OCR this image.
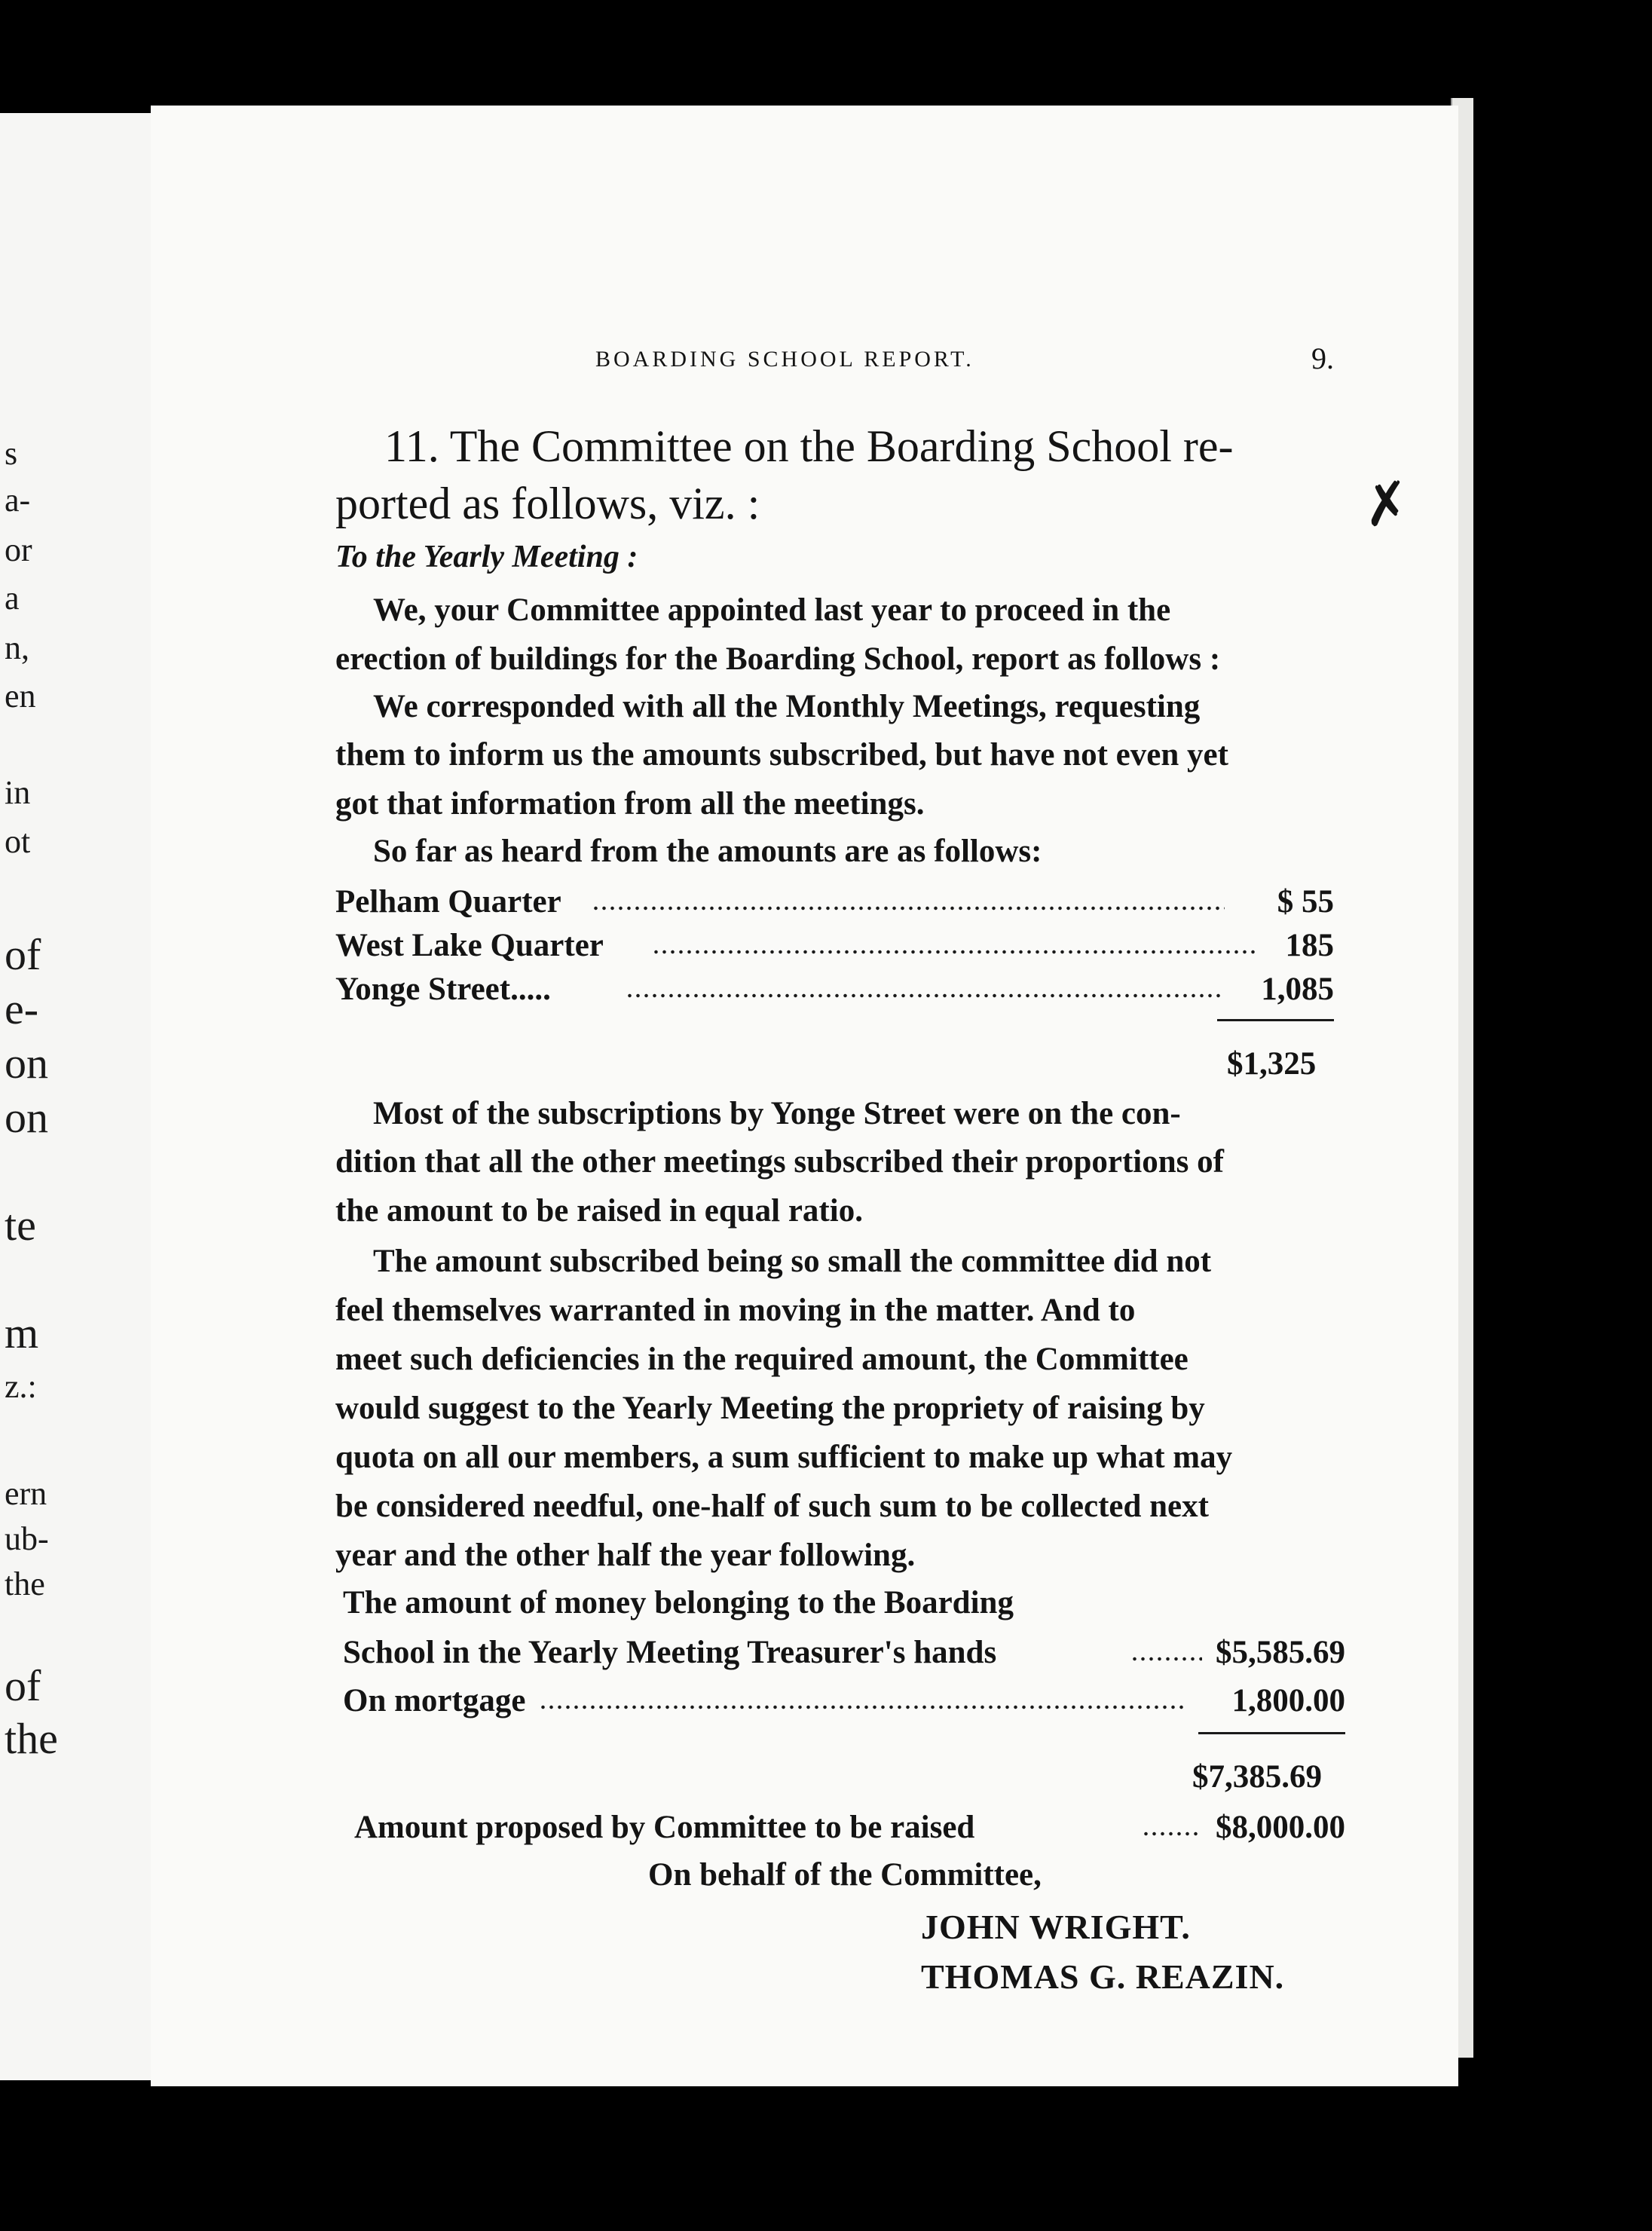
s
a-
or
a
n,
en
in
ot
of
e-
on
on
te
m
z.:
ern
ub-
the
of
the
BOARDING SCHOOL REPORT.	9.
✗
11. The Committee on the Boarding School re-
ported as follows, viz. :
To the Yearly Meeting :
We, your Committee appointed last year to proceed in the
erection of buildings for the Boarding School, report as follows :
We corresponded with all the Monthly Meetings, requesting
them to inform us the amounts subscribed, but have not even yet
got that information from all the meetings.
So far as heard from the amounts are as follows:
Pelham Quarter	$ 55
West Lake Quarter	185
Yonge Street.....	1,085
$1,325
Most of the subscriptions by Yonge Street were on the con-
dition that all the other meetings subscribed their proportions of
the amount to be raised in equal ratio.
The amount subscribed being so small the committee did not
feel themselves warranted in moving in the matter. And to
meet such deficiencies in the required amount, the Committee
would suggest to the Yearly Meeting the propriety of raising by
quota on all our members, a sum sufficient to make up what may
be considered needful, one-half of such sum to be collected next
year and the other half the year following.
The amount of money belonging to the Boarding
School in the Yearly Meeting Treasurer's hands	$5,585.69
On mortgage	1,800.00
$7,385.69
Amount proposed by Committee to be raised	$8,000.00
On behalf of the Committee,
JOHN WRIGHT.
THOMAS G. REAZIN.
